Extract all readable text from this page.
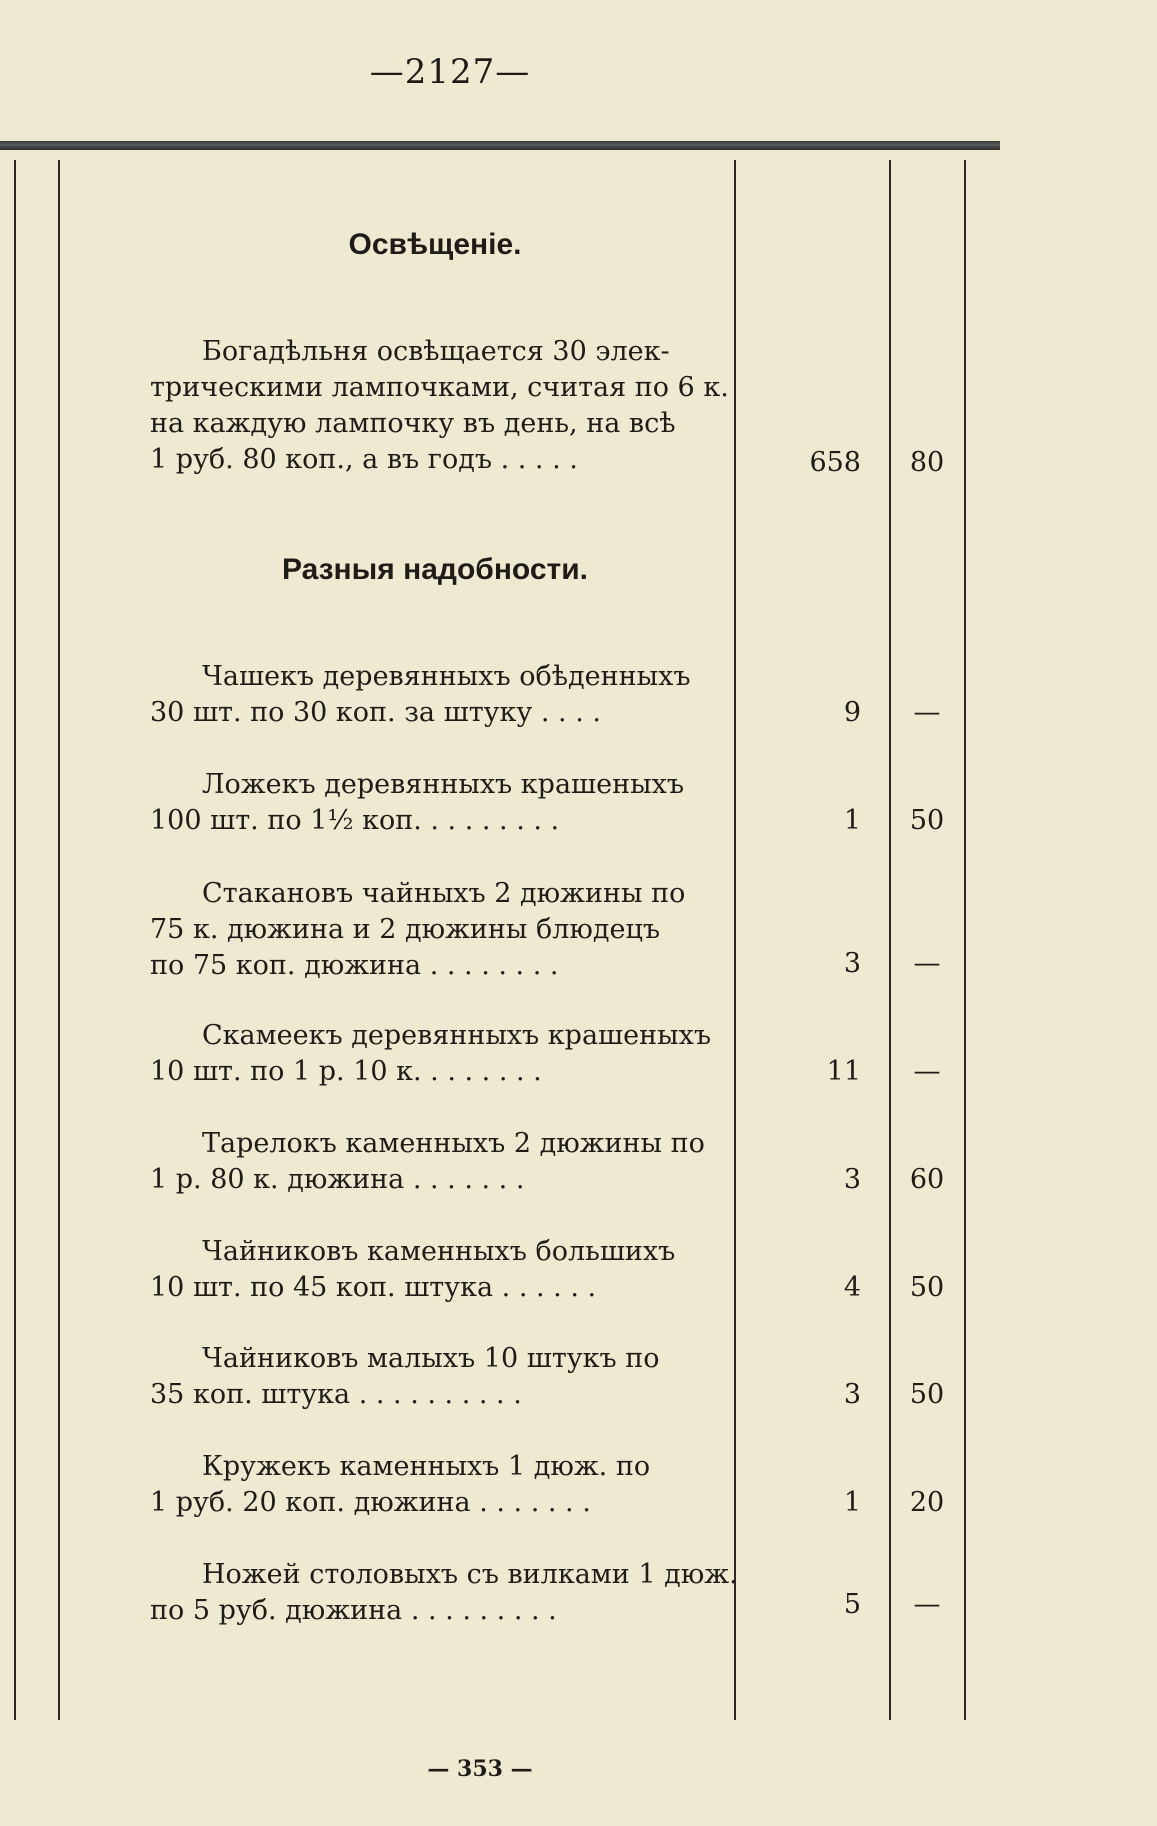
—2127—
Освѣщеніе.
Разныя надобности.
Богадѣльня освѣщается 30 элек-
трическими лампочками, считая по 6 к.
на каждую лампочку въ день, на всѣ
1 руб. 80 коп., а въ годъ . . . . .	658	80
Чашекъ деревянныхъ обѣденныхъ
30 шт. по 30 коп. за штуку . . . .	9	—
Ложекъ деревянныхъ крашеныхъ
100 шт. по 1½ коп. . . . . . . . .	1	50
Стакановъ чайныхъ 2 дюжины по
75 к. дюжина и 2 дюжины блюдецъ
по 75 коп. дюжина . . . . . . . .	3	—
Скамеекъ деревянныхъ крашеныхъ
10 шт. по 1 р. 10 к. . . . . . . .	11	—
Тарелокъ каменныхъ 2 дюжины по
1 р. 80 к. дюжина . . . . . . .	3	60
Чайниковъ каменныхъ большихъ
10 шт. по 45 коп. штука . . . . . .	4	50
Чайниковъ малыхъ 10 штукъ по
35 коп. штука . . . . . . . . . .	3	50
Кружекъ каменныхъ 1 дюж. по
1 руб. 20 коп. дюжина . . . . . . .	1	20
Ножей столовыхъ съ вилками 1 дюж.
по 5 руб. дюжина . . . . . . . . .	5	—
— 353 —
